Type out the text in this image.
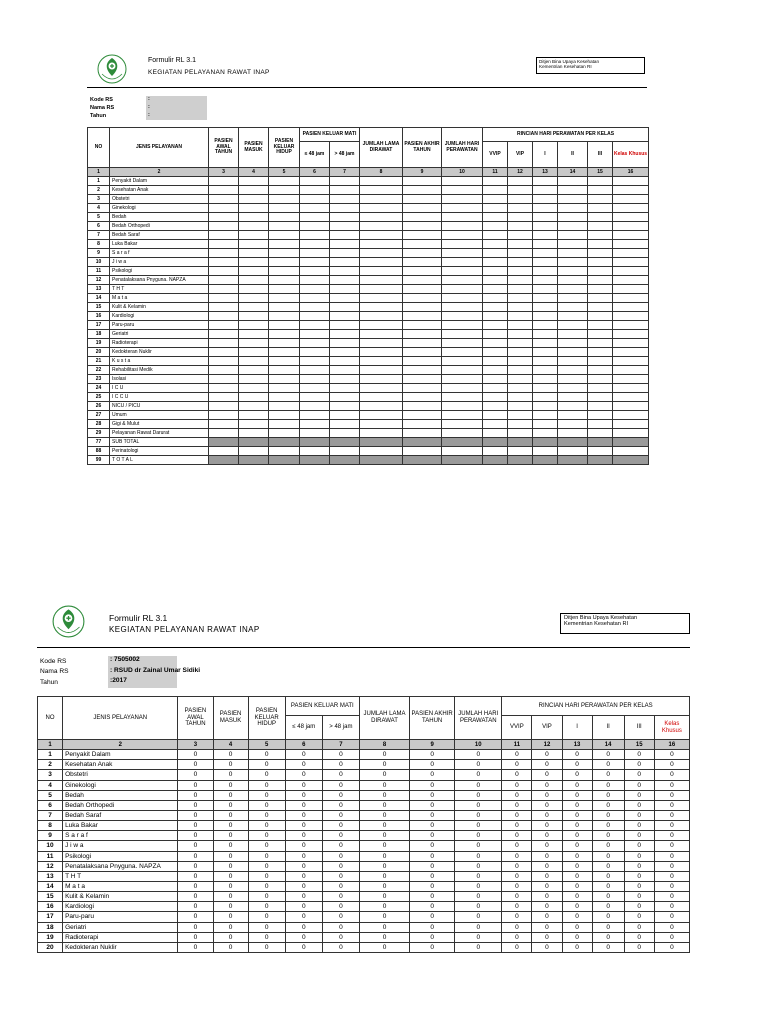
Formulir RL 3.1
KEGIATAN PELAYANAN RAWAT INAP
Ditjen Bina Upaya Kesehatan
Kementrian Kesehatan RI
Kode RS	:
Nama RS	:
Tahun	:
NO	JENIS PELAYANAN	PASIEN AWAL TAHUN	PASIEN MASUK	PASIEN KELUAR HIDUP	PASIEN KELUAR MATI		JUMLAH LAMA DIRAWAT	PASIEN AKHIR TAHUN	JUMLAH HARI PERAWATAN	RINCIAN HARI PERAWATAN PER KELAS					
					≤ 48 jam	> 48 jam				VVIP	VIP	I	II	III	Kelas Khusus
1	2	3	4	5	6	7	8	9	10	11	12	13	14	15	16
1	Penyakit Dalam														
2	Kesehatan Anak														
3	Obstetri														
4	Ginekologi														
5	Bedah														
6	Bedah Orthopedi														
7	Bedah Saraf														
8	Luka Bakar														
9	S a r a f														
10	J i w a														
11	Psikologi														
12	Penatalaksana Pnyguna. NAPZA														
13	T H T														
14	M a t a														
15	Kulit & Kelamin														
16	Kardiologi														
17	Paru-paru														
18	Geriatri														
19	Radioterapi														
20	Kedokteran Nuklir														
21	K u s t a														
22	Rehabilitasi Medik														
23	Isolasi														
24	I C U														
25	I C C U														
26	NICU / PICU														
27	Umum														
28	Gigi & Mulut														
29	Pelayanan Rawat Darurat														
77	SUB TOTAL														
88	Perinatologi														
99	T O T A L														
Formulir RL 3.1
KEGIATAN PELAYANAN RAWAT INAP
Ditjen Bina Upaya Kesehatan
Kementrian Kesehatan RI
Kode RS	: 7505002
Nama RS	: RSUD dr Zainal Umar Sidiki
Tahun	:2017
NO	JENIS PELAYANAN	PASIEN AWAL TAHUN	PASIEN MASUK	PASIEN KELUAR HIDUP	PASIEN KELUAR MATI		JUMLAH LAMA DIRAWAT	PASIEN AKHIR TAHUN	JUMLAH HARI PERAWATAN	RINCIAN HARI PERAWATAN PER KELAS					
					≤ 48 jam	> 48 jam				VVIP	VIP	I	II	III	Kelas Khusus
1	2	3	4	5	6	7	8	9	10	11	12	13	14	15	16
1	Penyakit Dalam	0	0	0	0	0	0	0	0	0	0	0	0	0	0
2	Kesehatan Anak	0	0	0	0	0	0	0	0	0	0	0	0	0	0
3	Obstetri	0	0	0	0	0	0	0	0	0	0	0	0	0	0
4	Ginekologi	0	0	0	0	0	0	0	0	0	0	0	0	0	0
5	Bedah	0	0	0	0	0	0	0	0	0	0	0	0	0	0
6	Bedah Orthopedi	0	0	0	0	0	0	0	0	0	0	0	0	0	0
7	Bedah Saraf	0	0	0	0	0	0	0	0	0	0	0	0	0	0
8	Luka Bakar	0	0	0	0	0	0	0	0	0	0	0	0	0	0
9	S a r a f	0	0	0	0	0	0	0	0	0	0	0	0	0	0
10	J i w a	0	0	0	0	0	0	0	0	0	0	0	0	0	0
11	Psikologi	0	0	0	0	0	0	0	0	0	0	0	0	0	0
12	Penatalaksana Pnyguna. NAPZA	0	0	0	0	0	0	0	0	0	0	0	0	0	0
13	T H T	0	0	0	0	0	0	0	0	0	0	0	0	0	0
14	M a t a	0	0	0	0	0	0	0	0	0	0	0	0	0	0
15	Kulit & Kelamin	0	0	0	0	0	0	0	0	0	0	0	0	0	0
16	Kardiologi	0	0	0	0	0	0	0	0	0	0	0	0	0	0
17	Paru-paru	0	0	0	0	0	0	0	0	0	0	0	0	0	0
18	Geriatri	0	0	0	0	0	0	0	0	0	0	0	0	0	0
19	Radioterapi	0	0	0	0	0	0	0	0	0	0	0	0	0	0
20	Kedokteran Nuklir	0	0	0	0	0	0	0	0	0	0	0	0	0	0
